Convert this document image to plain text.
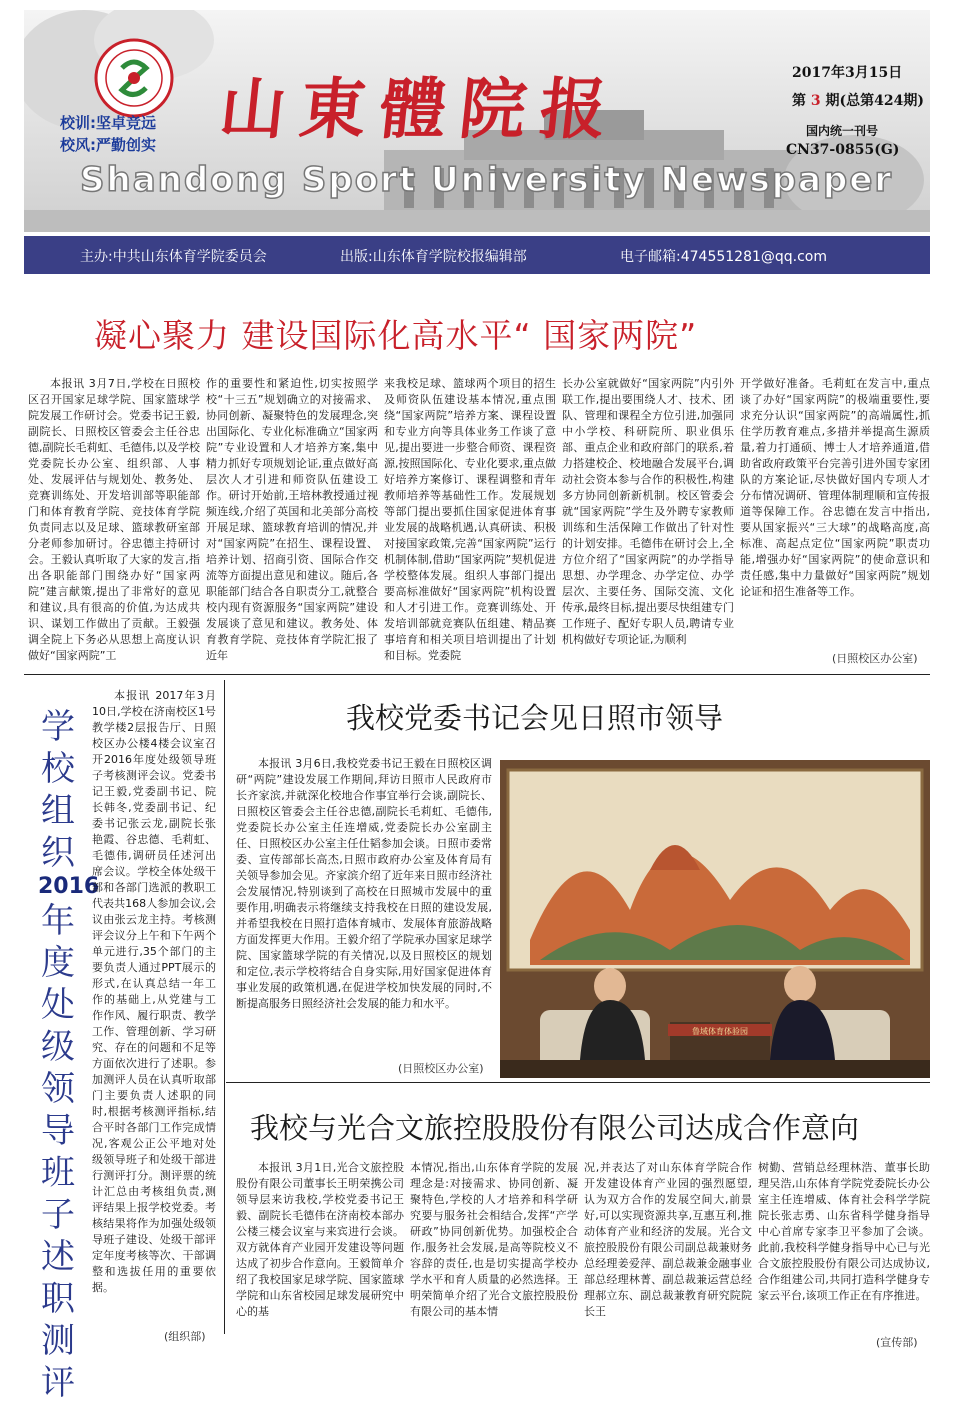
山東體院报
Shandong Sport University Newspaper
校训:坚卓竞远
校风:严勤创实
2017年3月15日
第 3 期(总第424期)
国内统一刊号
CN37-0855(G)
主办:中共山东体育学院委员会	出版:山东体育学院校报编辑部	电子邮箱:474551281@qq.com
凝心聚力 建设国际化高水平“ 国家两院”

本报讯 3月7日,学校在日照校区召开国家足球学院、国家篮球学院发展工作研讨会。党委书记王毅,副院长、日照校区管委会主任谷忠德,副院长毛莉虹、毛德伟,以及学校党委院长办公室、组织部、人事处、发展评估与规划处、教务处、竞赛训练处、开发培训部等职能部门和体育教育学院、竞技体育学院负责同志以及足球、篮球教研室部分老师参加研讨。谷忠德主持研讨会。王毅认真听取了大家的发言,指出各职能部门围绕办好“国家两院”建言献策,提出了非常好的意见和建议,具有很高的价值,为达成共识、谋划工作做出了贡献。王毅强调全院上下务必从思想上高度认识做好“国家两院”工

作的重要性和紧迫性,切实按照学校“十三五”规划确立的对接需求、协同创新、凝聚特色的发展理念,突出国际化、专业化标准确立“国家两院”专业设置和人才培养方案,集中精力抓好专项规划论证,重点做好高层次人才引进和师资队伍建设工作。研讨开始前,王培林教授通过视频连线,介绍了英国和北美部分高校开展足球、篮球教育培训的情况,并对“国家两院”在招生、课程设置、培养计划、招商引资、国际合作交流等方面提出意见和建议。随后,各职能部门结合各自职责分工,就整合校内现有资源服务“国家两院”建设发展谈了意见和建议。教务处、体育教育学院、竞技体育学院汇报了近年

来我校足球、篮球两个项目的招生及师资队伍建设基本情况,重点围绕“国家两院”培养方案、课程设置和专业方向等具体业务工作谈了意见,提出要进一步整合师资、课程资源,按照国际化、专业化要求,重点做好培养方案修订、课程调整和青年教师培养等基础性工作。发展规划等部门提出要抓住国家促进体育事业发展的战略机遇,认真研读、积极对接国家政策,完善“国家两院”运行机制体制,借助“国家两院”契机促进学校整体发展。组织人事部门提出要高标准做好“国家两院”机构设置和人才引进工作。竞赛训练处、开发培训部就竞赛队伍组建、精品赛事培育和相关项目培训提出了计划和目标。党委院

长办公室就做好“国家两院”内引外联工作,提出要围绕人才、技术、团队、管理和课程全方位引进,加强同中小学校、科研院所、职业俱乐部、重点企业和政府部门的联系,着力搭建校企、校地融合发展平台,调动社会资本参与合作的积极性,构建多方协同创新新机制。校区管委会就“国家两院”学生及外聘专家教师训练和生活保障工作做出了针对性的计划安排。毛德伟在研讨会上,全方位介绍了“国家两院”的办学指导思想、办学理念、办学定位、办学层次、主要任务、国际交流、文化传承,最终目标,提出要尽快组建专门工作班子、配好专职人员,聘请专业机构做好专项论证,为顺利

开学做好准备。毛莉虹在发言中,重点谈了办好“国家两院”的极端重要性,要求充分认识“国家两院”的高端属性,抓住学历教育难点,多措并举提高生源质量,着力打通硕、博士人才培养通道,借助省政府政策平台完善引进外国专家团队的方案论证,尽快做好国内专项人才分布情况调研、管理体制理顺和宣传报道等保障工作。谷忠德在发言中指出,要从国家振兴“三大球”的战略高度,高标准、高起点定位“国家两院”职责功能,增强办好“国家两院”的使命意识和责任感,集中力量做好“国家两院”规划论证和招生准备等工作。

(日照校区办公室)
学校组织
2016
年度处级领导班子述职测评

本报讯 2017年3月10日,学校在济南校区1号教学楼2层报告厅、日照校区办公楼4楼会议室召开2016年度处级领导班子考核测评会议。党委书记王毅,党委副书记、院长韩冬,党委副书记、纪委书记张云龙,副院长张艳霞、谷忠德、毛莉虹、毛德伟,调研员任述河出席会议。学校全体处级干部和各部门选派的教职工代表共168人参加会议,会议由张云龙主持。考核测评会议分上午和下午两个单元进行,35个部门的主要负责人通过PPT展示的形式,在认真总结一年工作的基础上,从党建与工作作风、履行职责、教学工作、管理创新、学习研究、存在的问题和不足等方面依次进行了述职。参加测评人员在认真听取部门主要负责人述职的同时,根据考核测评指标,结合平时各部门工作完成情况,客观公正公平地对处级领导班子和处级干部进行测评打分。测评票的统计汇总由考核组负责,测评结果上报学校党委。考核结果将作为加强处级领导班子建设、处级干部评定年度考核等次、干部调整和选拔任用的重要依据。

(组织部)
我校党委书记会见日照市领导

本报讯 3月6日,我校党委书记王毅在日照校区调研“两院”建设发展工作期间,拜访日照市人民政府市长齐家滨,并就深化校地合作事宜举行会谈,副院长、日照校区管委会主任谷忠德,副院长毛莉虹、毛德伟,党委院长办公室主任连增威,党委院长办公室副主任、日照校区办公室主任仕韬参加会谈。日照市委常委、宣传部部长高杰,日照市政府办公室及体育局有关领导参加会见。齐家滨介绍了近年来日照市经济社会发展情况,特别谈到了高校在日照城市发展中的重要作用,明确表示将继续支持我校在日照的建设发展,并希望我校在日照打造体育城市、发展体育旅游战略方面发挥更大作用。王毅介绍了学院承办国家足球学院、国家篮球学院的有关情况,以及日照校区的规划和定位,表示学校将结合自身实际,用好国家促进体育事业发展的政策机遇,在促进学校加快发展的同时,不断提高服务日照经济社会发展的能力和水平。

(日照校区办公室)
鲁域体育体验园
我校与光合文旅控股股份有限公司达成合作意向

本报讯 3月1日,光合文旅控股股份有限公司董事长王明荣携公司领导层来访我校,学校党委书记王毅、副院长毛德伟在济南校本部办公楼三楼会议室与来宾进行会谈。双方就体育产业园开发建设等问题达成了初步合作意向。王毅简单介绍了我校国家足球学院、国家篮球学院和山东省校园足球发展研究中心的基

本情况,指出,山东体育学院的发展理念是:对接需求、协同创新、凝聚特色,学校的人才培养和科学研究要与服务社会相结合,发挥“产学研政”协同创新优势。加强校企合作,服务社会发展,是高等院校义不容辞的责任,也是切实提高学校办学水平和育人质量的必然选择。王明荣简单介绍了光合文旅控股股份有限公司的基本情

况,并表达了对山东体育学院合作开发建设体育产业园的强烈愿望,认为双方合作的发展空间大,前景好,可以实现资源共享,互惠互利,推动体育产业和经济的发展。光合文旅控股股份有限公司副总裁兼财务总经理姜爱萍、副总裁兼金融事业部总经理林菁、副总裁兼运营总经理郝立东、副总裁兼教育研究院院长王

树勤、营销总经理林浩、董事长助理吴浩,山东体育学院党委院长办公室主任连增威、体育社会科学学院院长张志勇、山东省科学健身指导中心首席专家李卫平参加了会谈。此前,我校科学健身指导中心已与光合文旅控股股份有限公司达成协议,合作组建公司,共同打造科学健身专家云平台,该项工作正在有序推进。

(宣传部)
